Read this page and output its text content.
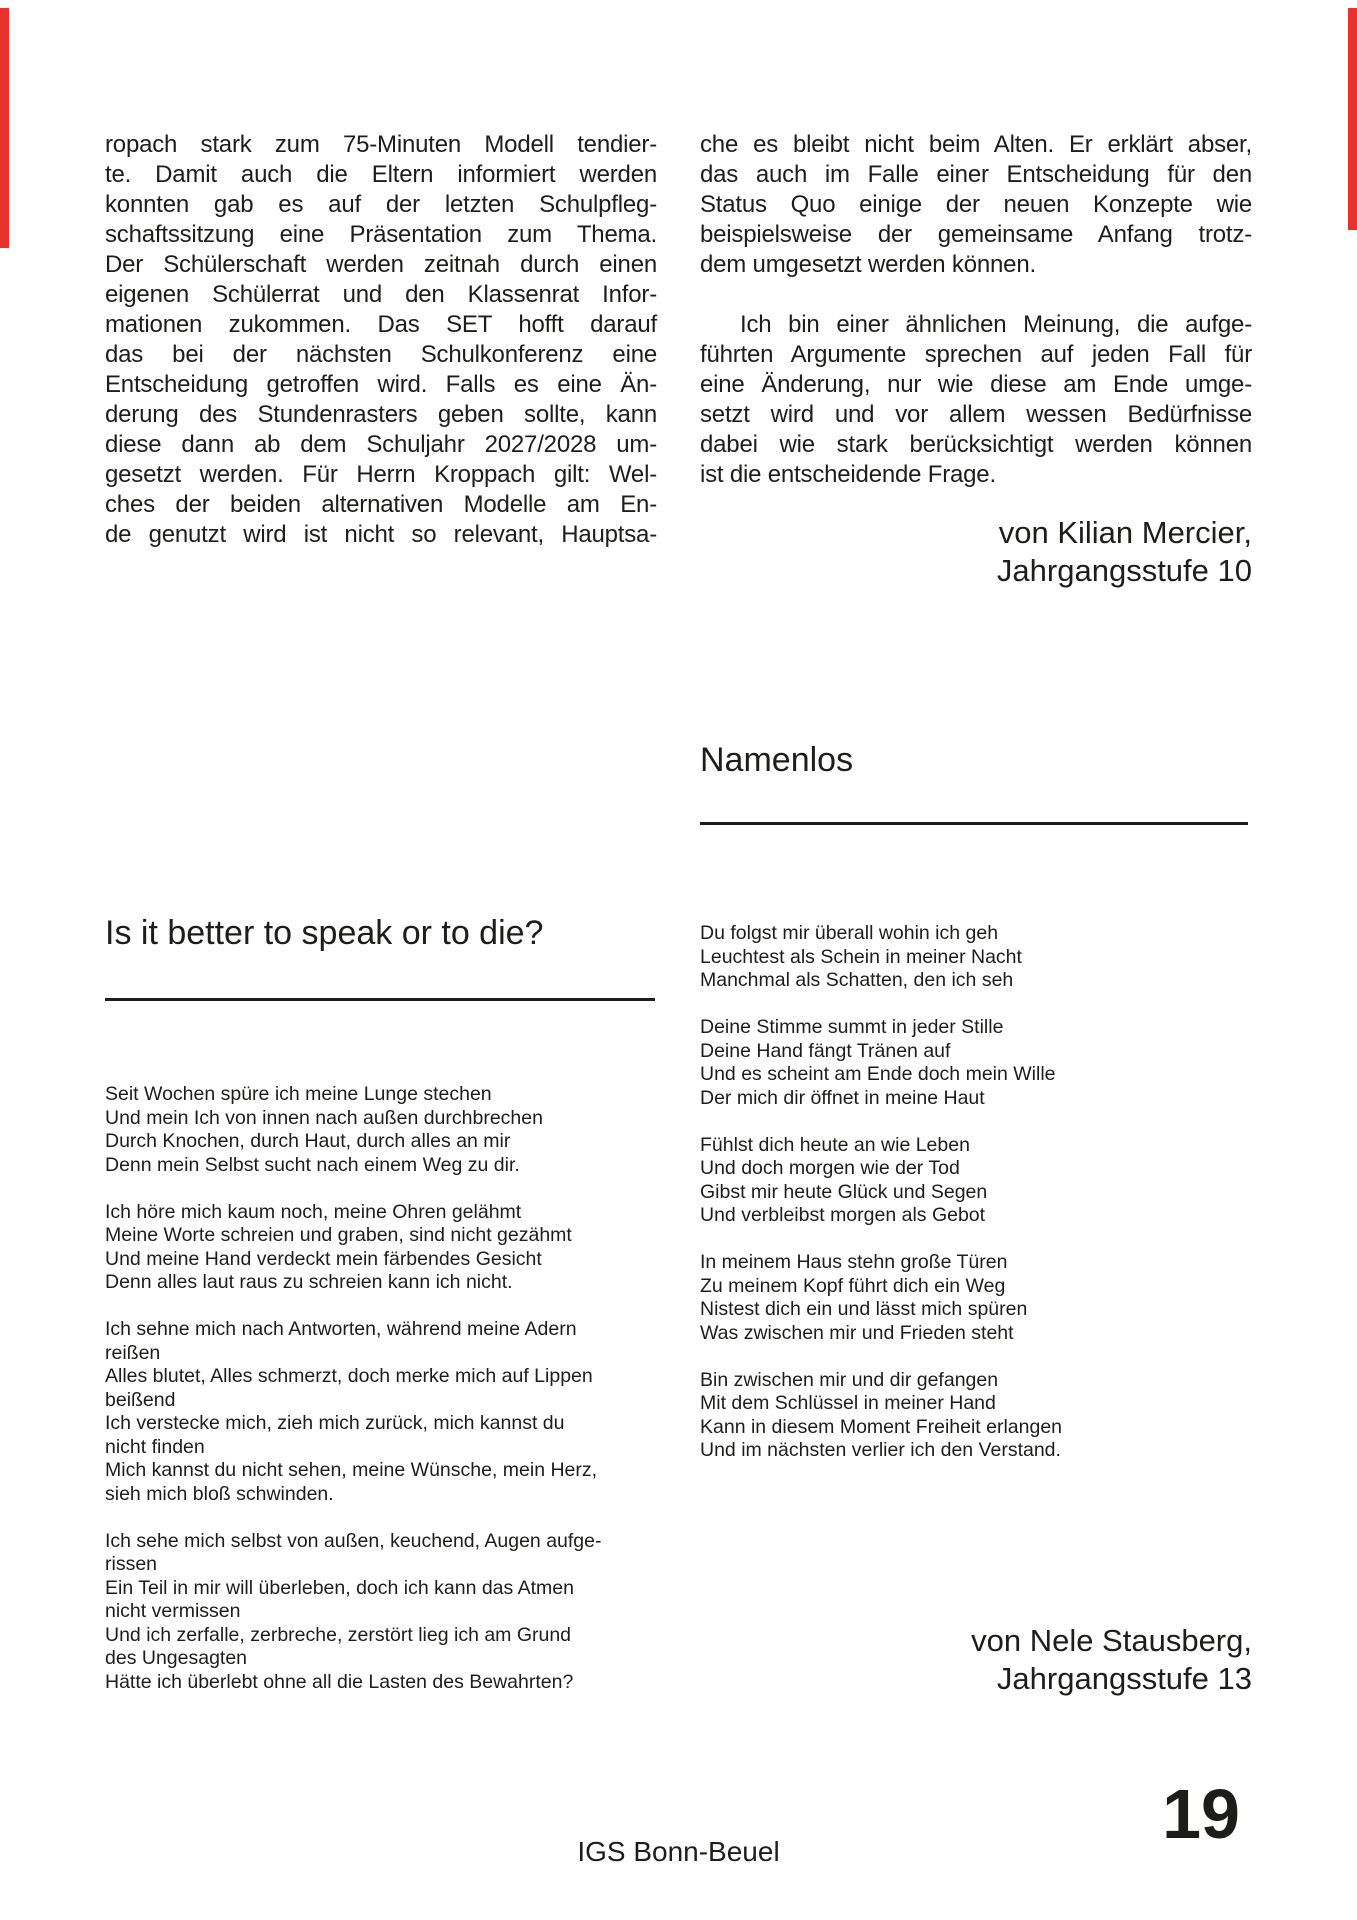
ropach stark zum 75-Minuten Modell tendier-
te. Damit auch die Eltern informiert werden
konnten gab es auf der letzten Schulpfleg-
schaftssitzung eine Präsentation zum Thema.
Der Schülerschaft werden zeitnah durch einen
eigenen Schülerrat und den Klassenrat Infor-
mationen zukommen. Das SET hofft darauf
das bei der nächsten Schulkonferenz eine
Entscheidung getroffen wird. Falls es eine Än-
derung des Stundenrasters geben sollte, kann
diese dann ab dem Schuljahr 2027/2028 um-
gesetzt werden. Für Herrn Kroppach gilt: Wel-
ches der beiden alternativen Modelle am En-
de genutzt wird ist nicht so relevant, Hauptsa-
che es bleibt nicht beim Alten. Er erklärt abser,
das auch im Falle einer Entscheidung für den
Status Quo einige der neuen Konzepte wie
beispielsweise der gemeinsame Anfang trotz-
dem umgesetzt werden können.
Ich bin einer ähnlichen Meinung, die aufge-
führten Argumente sprechen auf jeden Fall für
eine Änderung, nur wie diese am Ende umge-
setzt wird und vor allem wessen Bedürfnisse
dabei wie stark berücksichtigt werden können
ist die entscheidende Frage.
von Kilian Mercier,
Jahrgangsstufe 10
Namenlos
Du folgst mir überall wohin ich geh
Leuchtest als Schein in meiner Nacht
Manchmal als Schatten, den ich seh
Deine Stimme summt in jeder Stille
Deine Hand fängt Tränen auf
Und es scheint am Ende doch mein Wille
Der mich dir öffnet in meine Haut
Fühlst dich heute an wie Leben
Und doch morgen wie der Tod
Gibst mir heute Glück und Segen
Und verbleibst morgen als Gebot
In meinem Haus stehn große Türen
Zu meinem Kopf führt dich ein Weg
Nistest dich ein und lässt mich spüren
Was zwischen mir und Frieden steht
Bin zwischen mir und dir gefangen
Mit dem Schlüssel in meiner Hand
Kann in diesem Moment Freiheit erlangen
Und im nächsten verlier ich den Verstand.
von Nele Stausberg,
Jahrgangsstufe 13
Is it better to speak or to die?
Seit Wochen spüre ich meine Lunge stechen
Und mein Ich von innen nach außen durchbrechen
Durch Knochen, durch Haut, durch alles an mir
Denn mein Selbst sucht nach einem Weg zu dir.
Ich höre mich kaum noch, meine Ohren gelähmt
Meine Worte schreien und graben, sind nicht gezähmt
Und meine Hand verdeckt mein färbendes Gesicht
Denn alles laut raus zu schreien kann ich nicht.
Ich sehne mich nach Antworten, während meine Adern
reißen
Alles blutet, Alles schmerzt, doch merke mich auf Lippen
beißend
Ich verstecke mich, zieh mich zurück, mich kannst du
nicht finden
Mich kannst du nicht sehen, meine Wünsche, mein Herz,
sieh mich bloß schwinden.
Ich sehe mich selbst von außen, keuchend, Augen aufge-
rissen
Ein Teil in mir will überleben, doch ich kann das Atmen
nicht vermissen
Und ich zerfalle, zerbreche, zerstört lieg ich am Grund
des Ungesagten
Hätte ich überlebt ohne all die Lasten des Bewahrten?
IGS Bonn-Beuel	19
